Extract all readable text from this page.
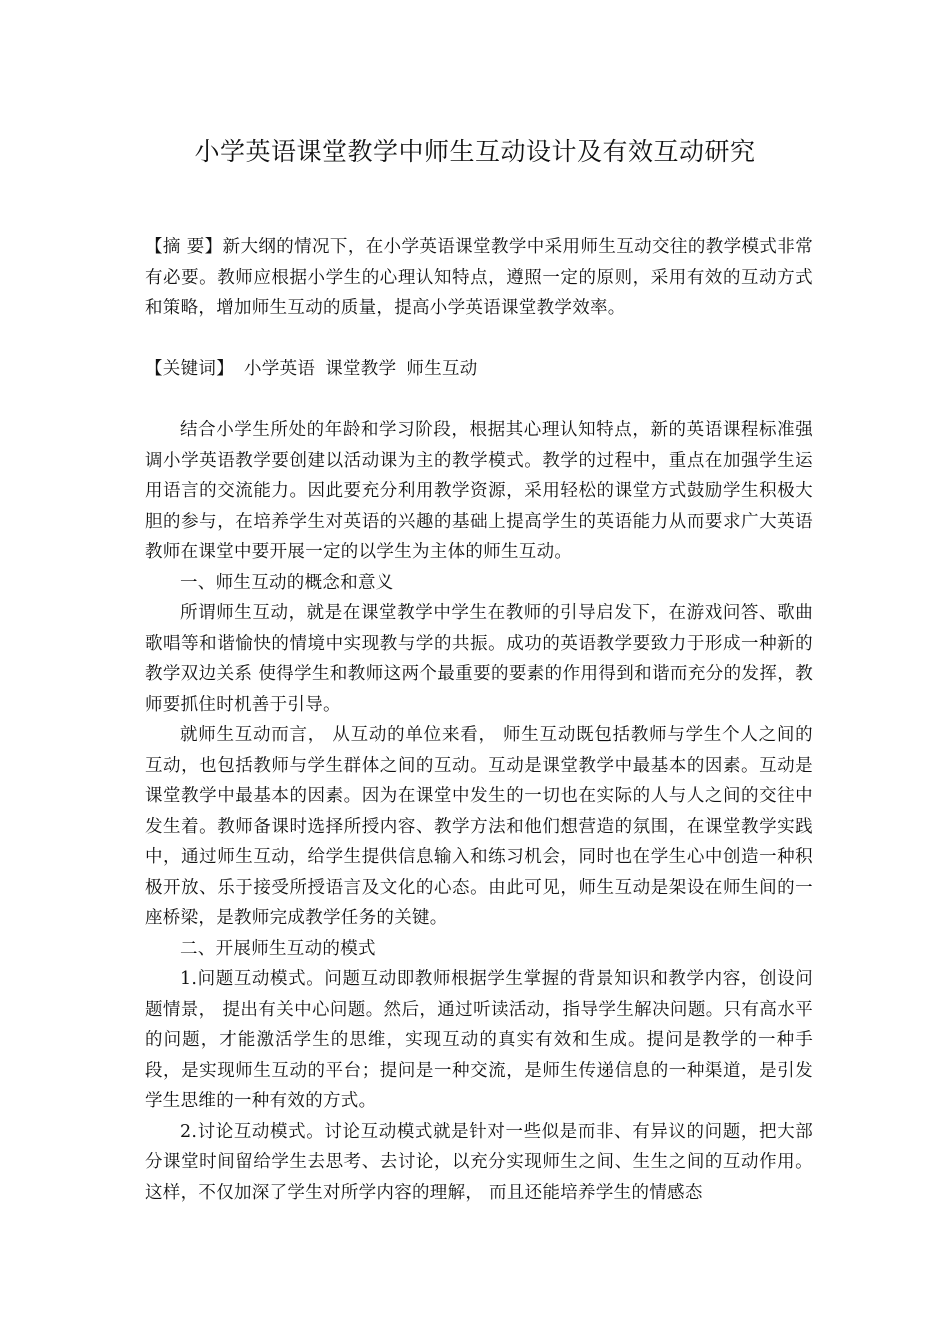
小学英语课堂教学中师生互动设计及有效互动研究

【摘 要】新大纲的情况下，在小学英语课堂教学中采用师生互动交往的教学模式非常有必要。教师应根据小学生的心理认知特点，遵照一定的原则，采用有效的互动方式和策略，增加师生互动的质量，提高小学英语课堂教学效率。

【关键词】 小学英语 课堂教学 师生互动

结合小学生所处的年龄和学习阶段，根据其心理认知特点，新的英语课程标准强调小学英语教学要创建以活动课为主的教学模式。教学的过程中，重点在加强学生运用语言的交流能力。因此要充分利用教学资源，采用轻松的课堂方式鼓励学生积极大胆的参与，在培养学生对英语的兴趣的基础上提高学生的英语能力从而要求广大英语教师在课堂中要开展一定的以学生为主体的师生互动。

一、师生互动的概念和意义

所谓师生互动，就是在课堂教学中学生在教师的引导启发下，在游戏问答、歌曲歌唱等和谐愉快的情境中实现教与学的共振。成功的英语教学要致力于形成一种新的教学双边关系 使得学生和教师这两个最重要的要素的作用得到和谐而充分的发挥，教师要抓住时机善于引导。

就师生互动而言， 从互动的单位来看， 师生互动既包括教师与学生个人之间的互动，也包括教师与学生群体之间的互动。互动是课堂教学中最基本的因素。互动是课堂教学中最基本的因素。因为在课堂中发生的一切也在实际的人与人之间的交往中发生着。教师备课时选择所授内容、教学方法和他们想营造的氛围，在课堂教学实践中，通过师生互动，给学生提供信息输入和练习机会，同时也在学生心中创造一种积极开放、乐于接受所授语言及文化的心态。由此可见，师生互动是架设在师生间的一座桥梁，是教师完成教学任务的关键。

二、开展师生互动的模式

1.问题互动模式。问题互动即教师根据学生掌握的背景知识和教学内容，创设问题情景， 提出有关中心问题。然后，通过听读活动，指导学生解决问题。只有高水平的问题，才能激活学生的思维，实现互动的真实有效和生成。提问是教学的一种手段，是实现师生互动的平台；提问是一种交流，是师生传递信息的一种渠道，是引发学生思维的一种有效的方式。

2.讨论互动模式。讨论互动模式就是针对一些似是而非、有异议的问题，把大部分课堂时间留给学生去思考、去讨论，以充分实现师生之间、生生之间的互动作用。这样，不仅加深了学生对所学内容的理解， 而且还能培养学生的情感态
